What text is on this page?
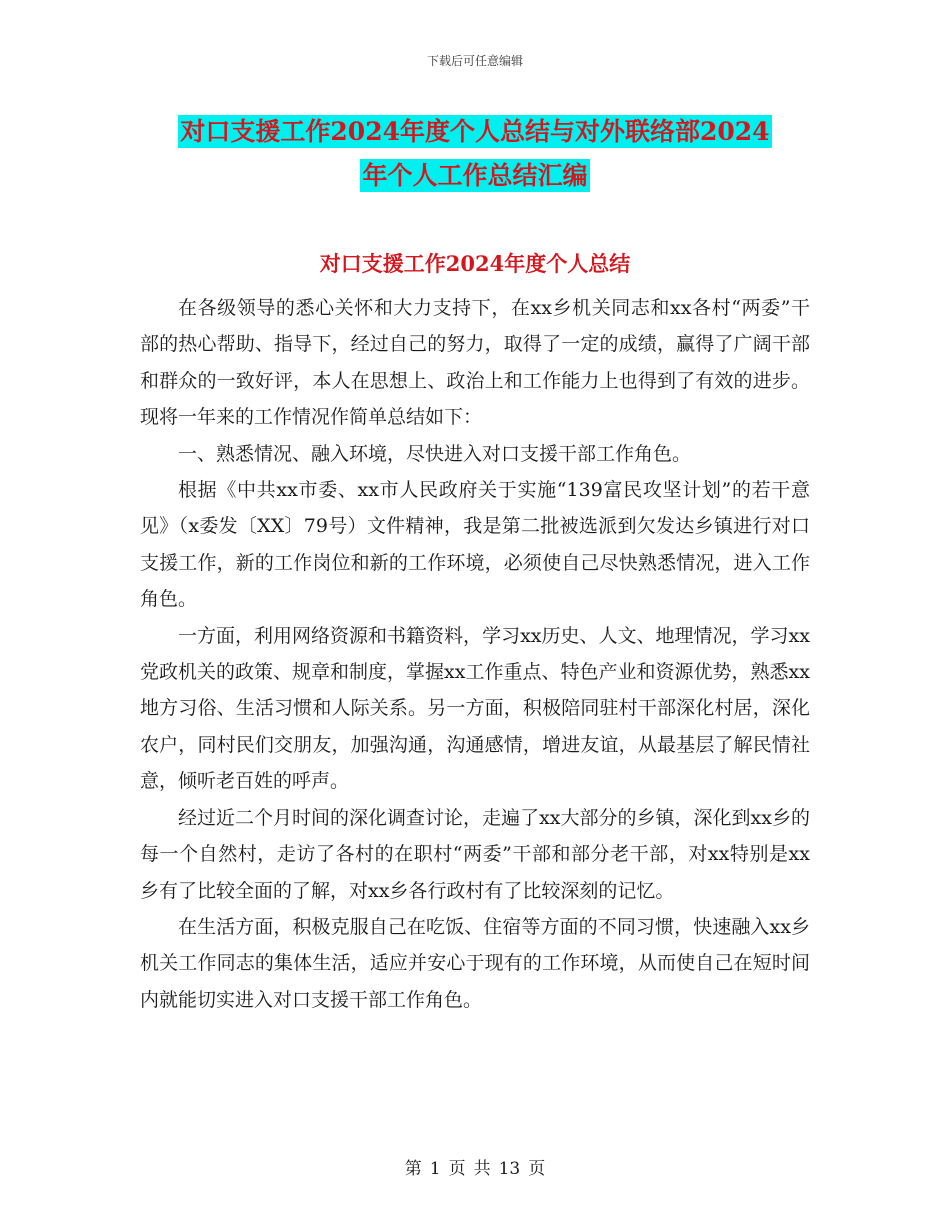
下载后可任意编辑
对口支援工作2024年度个人总结与对外联络部2024
年个人工作总结汇编
对口支援工作2024年度个人总结

在各级领导的悉心关怀和大力支持下，在xx乡机关同志和xx各村“两委”干部的热心帮助、指导下，经过自己的努力，取得了一定的成绩，赢得了广阔干部和群众的一致好评，本人在思想上、政治上和工作能力上也得到了有效的进步。现将一年来的工作情况作简单总结如下：

一、熟悉情况、融入环境，尽快进入对口支援干部工作角色。

根据《中共xx市委、xx市人民政府关于实施“139富民攻坚计划”的若干意见》（x委发〔XX〕79号）文件精神，我是第二批被选派到欠发达乡镇进行对口支援工作，新的工作岗位和新的工作环境，必须使自己尽快熟悉情况，进入工作角色。

一方面，利用网络资源和书籍资料，学习xx历史、人文、地理情况，学习xx党政机关的政策、规章和制度，掌握xx工作重点、特色产业和资源优势，熟悉xx地方习俗、生活习惯和人际关系。另一方面，积极陪同驻村干部深化村居，深化农户，同村民们交朋友，加强沟通，沟通感情，增进友谊，从最基层了解民情社意，倾听老百姓的呼声。

经过近二个月时间的深化调查讨论，走遍了xx大部分的乡镇，深化到xx乡的每一个自然村，走访了各村的在职村“两委”干部和部分老干部，对xx特别是xx乡有了比较全面的了解，对xx乡各行政村有了比较深刻的记忆。

在生活方面，积极克服自己在吃饭、住宿等方面的不同习惯，快速融入xx乡机关工作同志的集体生活，适应并安心于现有的工作环境，从而使自己在短时间内就能切实进入对口支援干部工作角色。

第 1 页 共 13 页
